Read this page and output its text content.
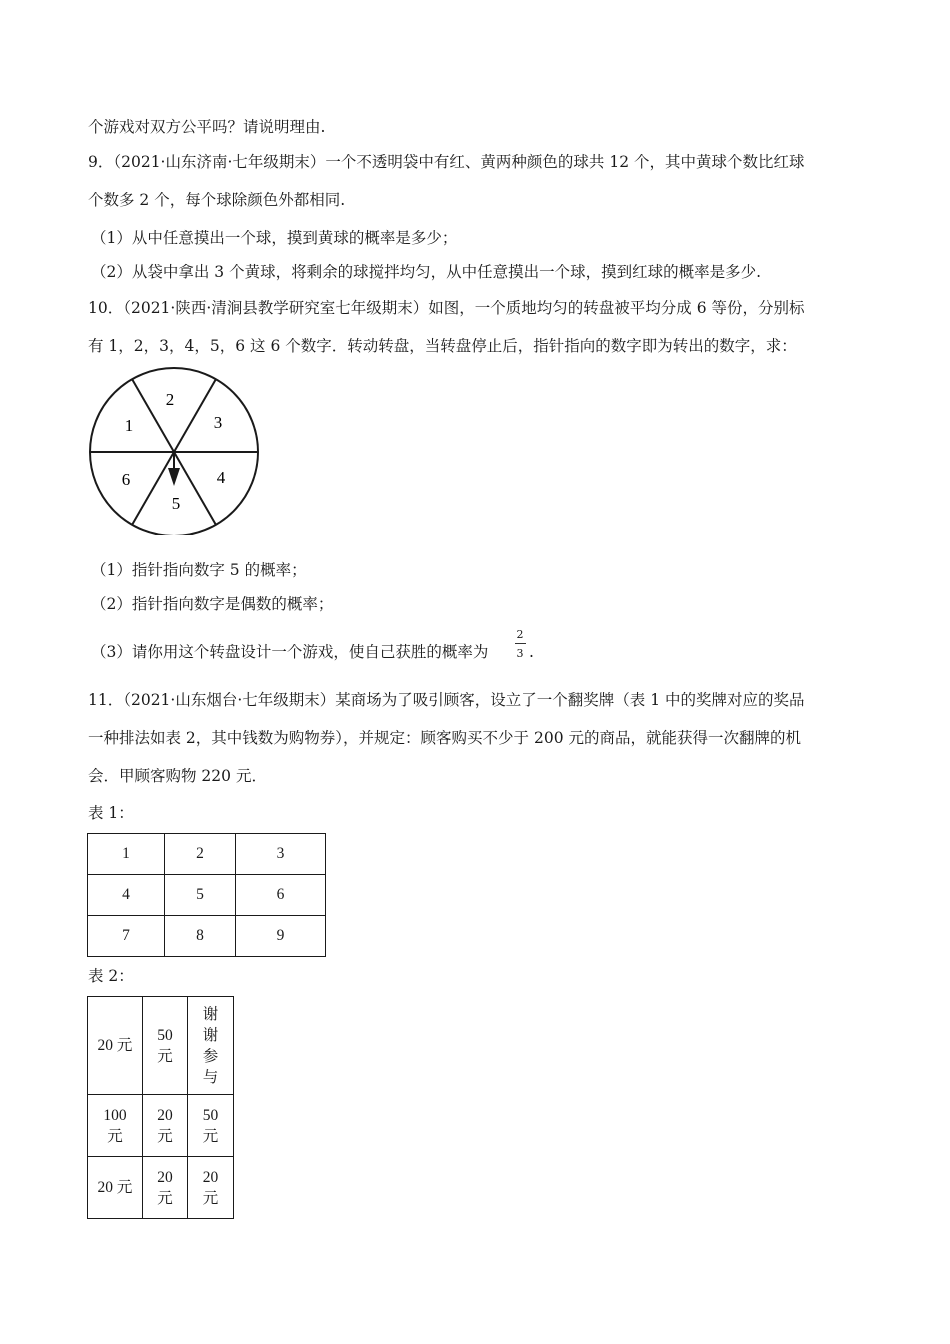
个游戏对双方公平吗？请说明理由.
9．（2021·山东济南·七年级期末）一个不透明袋中有红、黄两种颜色的球共 12 个，其中黄球个数比红球
个数多 2 个，每个球除颜色外都相同.
（1）从中任意摸出一个球，摸到黄球的概率是多少；
（2）从袋中拿出 3 个黄球，将剩余的球搅拌均匀，从中任意摸出一个球，摸到红球的概率是多少.
10．（2021·陕西·清涧县教学研究室七年级期末）如图，一个质地均匀的转盘被平均分成 6 等份，分别标
有 1，2，3，4，5，6 这 6 个数字．转动转盘，当转盘停止后，指针指向的数字即为转出的数字，求：
1
2
3
4
5
6
（1）指针指向数字 5 的概率；
（2）指针指向数字是偶数的概率；
（3）请你用这个转盘设计一个游戏，使自己获胜的概率为
2
3 .
11．（2021·山东烟台·七年级期末）某商场为了吸引顾客，设立了一个翻奖牌（表 1 中的奖牌对应的奖品
一种排法如表 2，其中钱数为购物券），并规定：顾客购买不少于 200 元的商品，就能获得一次翻牌的机
会．甲顾客购物 220 元．
表 1：
1	2	3
4	5	6
7	8	9
表 2：
20 元	50 元	谢谢参与
100 元	20 元	50 元
20 元	20 元	20 元
